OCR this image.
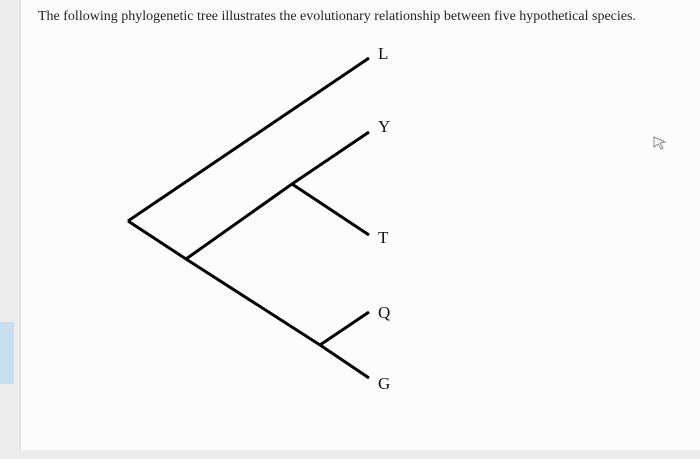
The following phylogenetic tree illustrates the evolutionary relationship between five hypothetical species.
L
Y
T
Q
G
